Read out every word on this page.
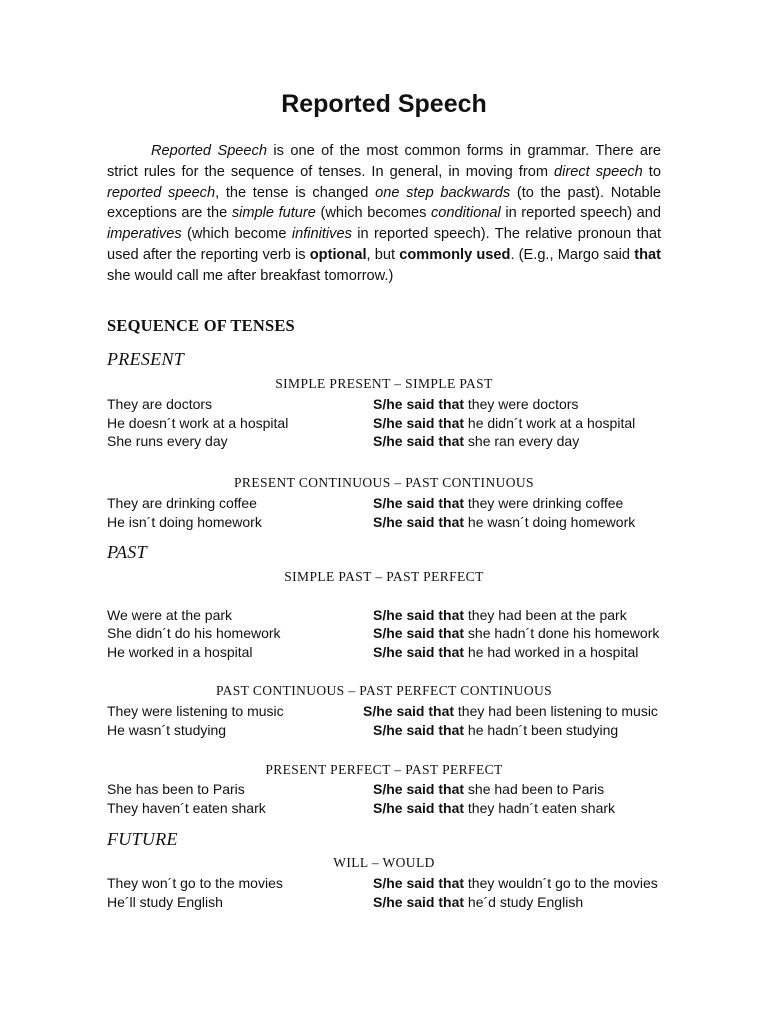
Reported Speech

Reported Speech is one of the most common forms in grammar. There are strict rules for the sequence of tenses. In general, in moving from direct speech to reported speech, the tense is changed one step backwards (to the past). Notable exceptions are the simple future (which becomes conditional in reported speech) and imperatives (which become infinitives in reported speech). The relative pronoun that used after the reporting verb is optional, but commonly used. (E.g., Margo said that she would call me after breakfast tomorrow.)

SEQUENCE OF TENSES
PRESENT
SIMPLE PRESENT – SIMPLE PAST
They are doctors	S/he said that they were doctors
He doesn´t work at a hospital	S/he said that he didn´t work at a hospital
She runs every day	S/he said that she ran every day
PRESENT CONTINUOUS – PAST CONTINUOUS
They are drinking coffee	S/he said that they were drinking coffee
He isn´t doing homework	S/he said that he wasn´t doing homework
PAST
SIMPLE PAST – PAST PERFECT
We were at the park	S/he said that they had been at the park
She didn´t do his homework	S/he said that she hadn´t done his homework
He worked in a hospital	S/he said that he had worked in a hospital
PAST CONTINUOUS – PAST PERFECT CONTINUOUS
They were listening to music	S/he said that they had been listening to music
He wasn´t studying	S/he said that he hadn´t been studying
PRESENT PERFECT – PAST PERFECT
She has been to Paris	S/he said that she had been to Paris
They haven´t eaten shark	S/he said that they hadn´t eaten shark
FUTURE
WILL – WOULD
They won´t go to the movies	S/he said that they wouldn´t go to the movies
He´ll study English	S/he said that he´d study English
